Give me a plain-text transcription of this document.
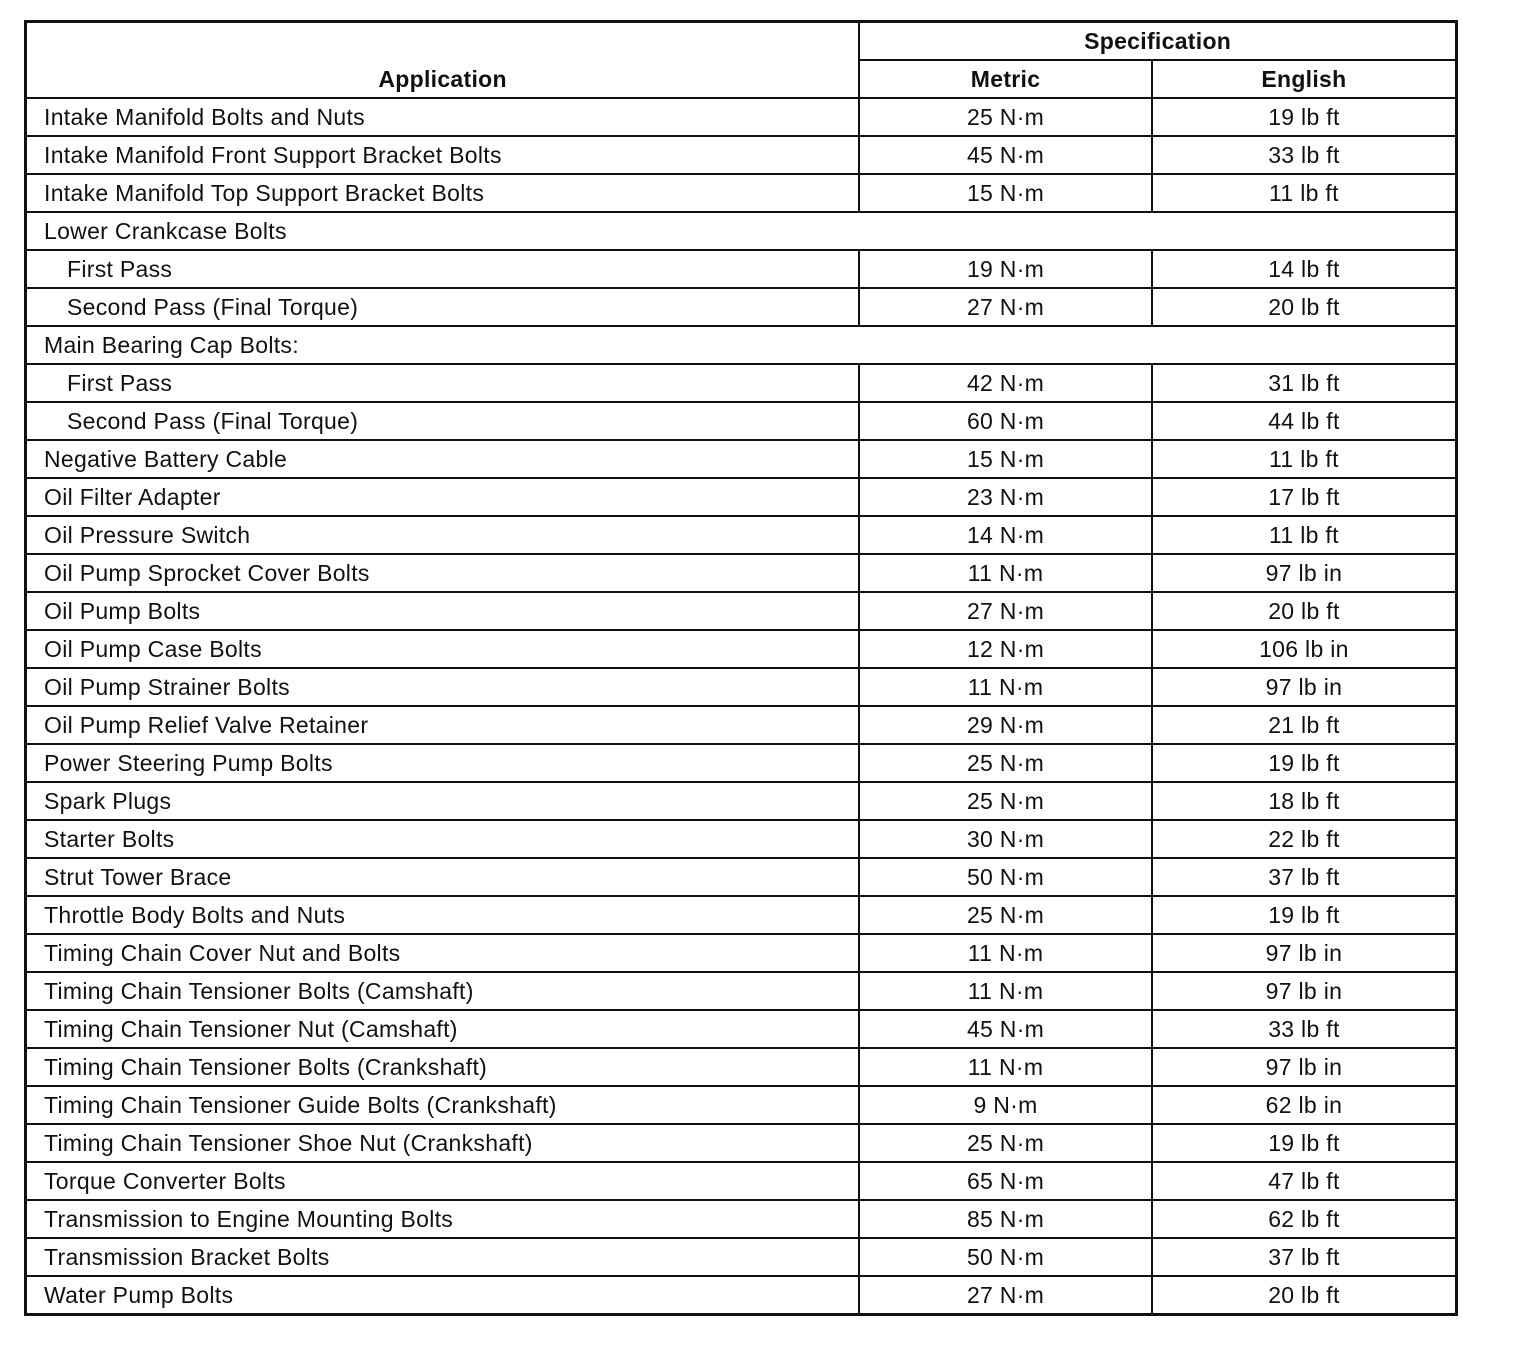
Application	Specification	
	Metric	English
Intake Manifold Bolts and Nuts	25 N·m	19 lb ft
Intake Manifold Front Support Bracket Bolts	45 N·m	33 lb ft
Intake Manifold Top Support Bracket Bolts	15 N·m	11 lb ft
Lower Crankcase Bolts		
First Pass	19 N·m	14 lb ft
Second Pass (Final Torque)	27 N·m	20 lb ft
Main Bearing Cap Bolts:		
First Pass	42 N·m	31 lb ft
Second Pass (Final Torque)	60 N·m	44 lb ft
Negative Battery Cable	15 N·m	11 lb ft
Oil Filter Adapter	23 N·m	17 lb ft
Oil Pressure Switch	14 N·m	11 lb ft
Oil Pump Sprocket Cover Bolts	11 N·m	97 lb in
Oil Pump Bolts	27 N·m	20 lb ft
Oil Pump Case Bolts	12 N·m	106 lb in
Oil Pump Strainer Bolts	11 N·m	97 lb in
Oil Pump Relief Valve Retainer	29 N·m	21 lb ft
Power Steering Pump Bolts	25 N·m	19 lb ft
Spark Plugs	25 N·m	18 lb ft
Starter Bolts	30 N·m	22 lb ft
Strut Tower Brace	50 N·m	37 lb ft
Throttle Body Bolts and Nuts	25 N·m	19 lb ft
Timing Chain Cover Nut and Bolts	11 N·m	97 lb in
Timing Chain Tensioner Bolts (Camshaft)	11 N·m	97 lb in
Timing Chain Tensioner Nut (Camshaft)	45 N·m	33 lb ft
Timing Chain Tensioner Bolts (Crankshaft)	11 N·m	97 lb in
Timing Chain Tensioner Guide Bolts (Crankshaft)	9 N·m	62 lb in
Timing Chain Tensioner Shoe Nut (Crankshaft)	25 N·m	19 lb ft
Torque Converter Bolts	65 N·m	47 lb ft
Transmission to Engine Mounting Bolts	85 N·m	62 lb ft
Transmission Bracket Bolts	50 N·m	37 lb ft
Water Pump Bolts	27 N·m	20 lb ft
